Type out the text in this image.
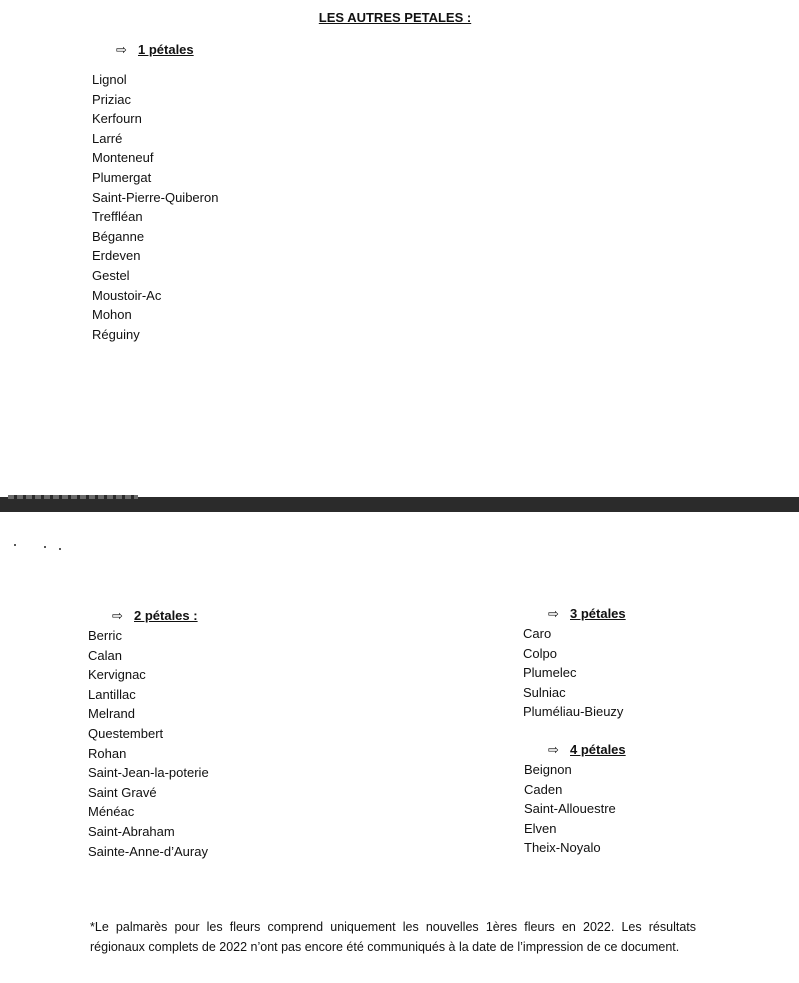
LES AUTRES PETALES :
⇨ 1 pétales
Lignol
Priziac
Kerfourn
Larré
Monteneuf
Plumergat
Saint-Pierre-Quiberon
Treffléan
Béganne
Erdeven
Gestel
Moustoir-Ac
Mohon
Réguiny
⇨ 2 pétales :
Berric
Calan
Kervignac
Lantillac
Melrand
Questembert
Rohan
Saint-Jean-la-poterie
Saint Gravé
Ménéac
Saint-Abraham
Sainte-Anne-d’Auray
⇨ 3 pétales
Caro
Colpo
Plumelec
Sulniac
Pluméliau-Bieuzy
⇨ 4 pétales
Beignon
Caden
Saint-Allouestre
Elven
Theix-Noyalo
*Le palmarès pour les fleurs comprend uniquement les nouvelles 1ères fleurs en 2022. Les résultats régionaux complets de 2022 n’ont pas encore été communiqués à la date de l’impression de ce document.
